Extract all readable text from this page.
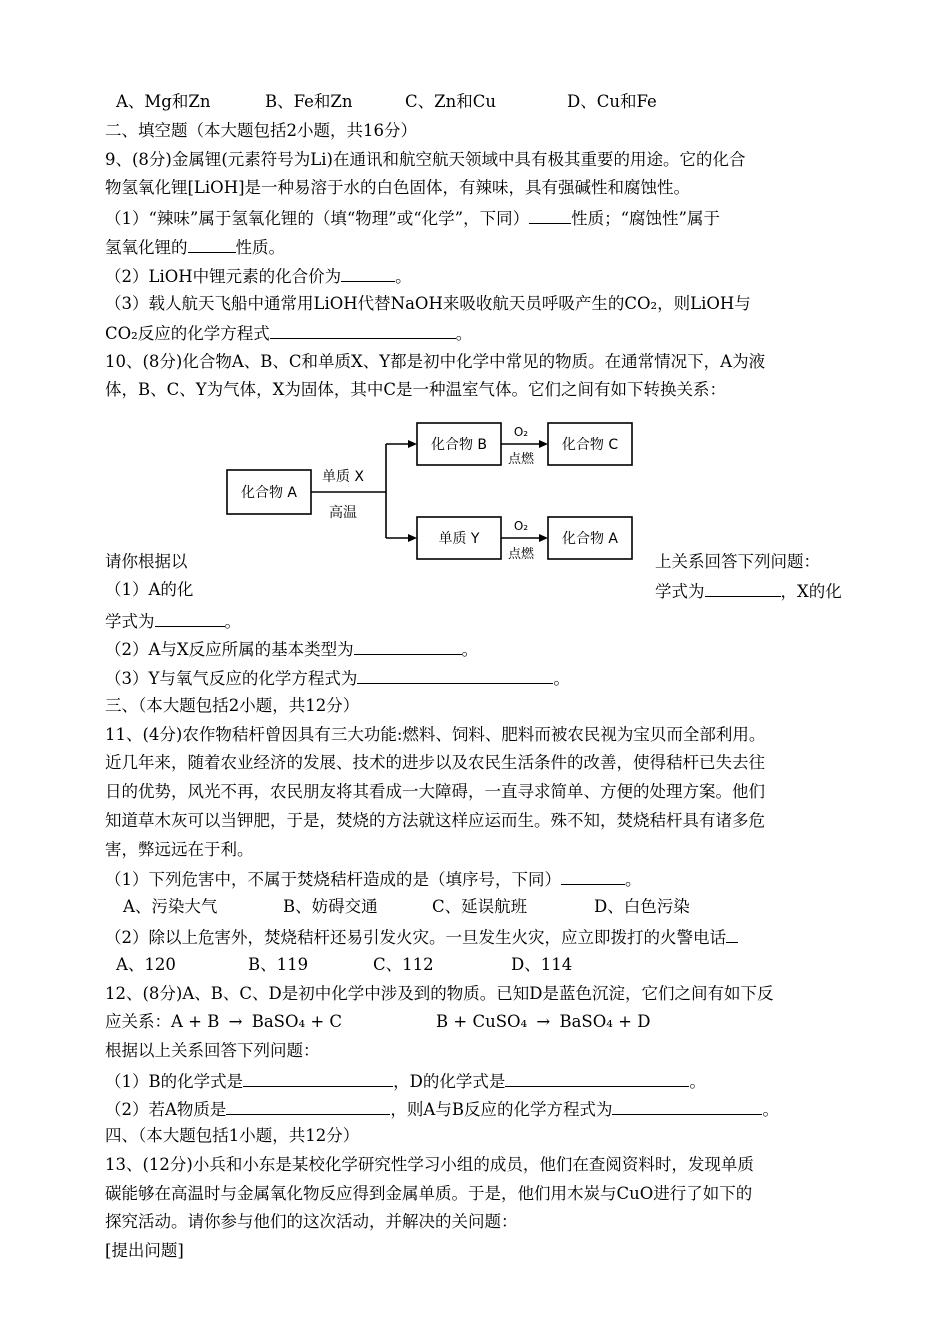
A、Mg和Zn	B、Fe和Zn	C、Zn和Cu	D、Cu和Fe
二、填空题（本大题包括2小题，共16分）
9、(8分)金属锂(元素符号为Li)在通讯和航空航天领域中具有极其重要的用途。它的化合
物氢氧化锂[LiOH]是一种易溶于水的白色固体，有辣味，具有强碱性和腐蚀性。
（1）“辣味”属于氢氧化锂的（填“物理”或“化学”，下同）	性质；“腐蚀性”属于
氢氧化锂的	性质。
（2）LiOH中锂元素的化合价为	。
（3）载人航天飞船中通常用LiOH代替NaOH来吸收航天员呼吸产生的CO₂，则LiOH与
CO₂反应的化学方程式	。
10、(8分)化合物A、B、C和单质X、Y都是初中化学中常见的物质。在通常情况下，A为液
体，B、C、Y为气体，X为固体，其中C是一种温室气体。它们之间有如下转换关系：
化合物 A
化合物 B	化合物 C
单质 Y	化合物 A
单质 X
高温
O₂
点燃
O₂
点燃
请你根据以	上关系回答下列问题：
（1）A的化	学式为	，X的化
学式为	。
（2）A与X反应所属的基本类型为	。
（3）Y与氧气反应的化学方程式为	。
三、（本大题包括2小题，共12分）
11、(4分)农作物秸杆曾因具有三大功能:燃料、饲料、肥料而被农民视为宝贝而全部利用。
近几年来，随着农业经济的发展、技术的进步以及农民生活条件的改善，使得秸杆已失去往
日的优势，风光不再，农民朋友将其看成一大障碍，一直寻求简单、方便的处理方案。他们
知道草木灰可以当钾肥，于是，焚烧的方法就这样应运而生。殊不知，焚烧秸杆具有诸多危
害，弊远远在于利。
（1）下列危害中，不属于焚烧秸杆造成的是（填序号，下同）	。
A、污染大气	B、妨碍交通	C、延误航班	D、白色污染
（2）除以上危害外，焚烧秸杆还易引发火灾。一旦发生火灾，应立即拨打的火警电话
A、120	B、119	C、112	D、114
12、(8分)A、B、C、D是初中化学中涉及到的物质。已知D是蓝色沉淀，它们之间有如下反
应关系：A + B → BaSO₄ + C	B + CuSO₄ → BaSO₄ + D
根据以上关系回答下列问题：
（1）B的化学式是	，D的化学式是	。
（2）若A物质是	，则A与B反应的化学方程式为	。
四、（本大题包括1小题，共12分）
13、(12分)小兵和小东是某校化学研究性学习小组的成员，他们在查阅资料时，发现单质
碳能够在高温时与金属氧化物反应得到金属单质。于是，他们用木炭与CuO进行了如下的
探究活动。请你参与他们的这次活动，并解决的关问题：
[提出问题]
